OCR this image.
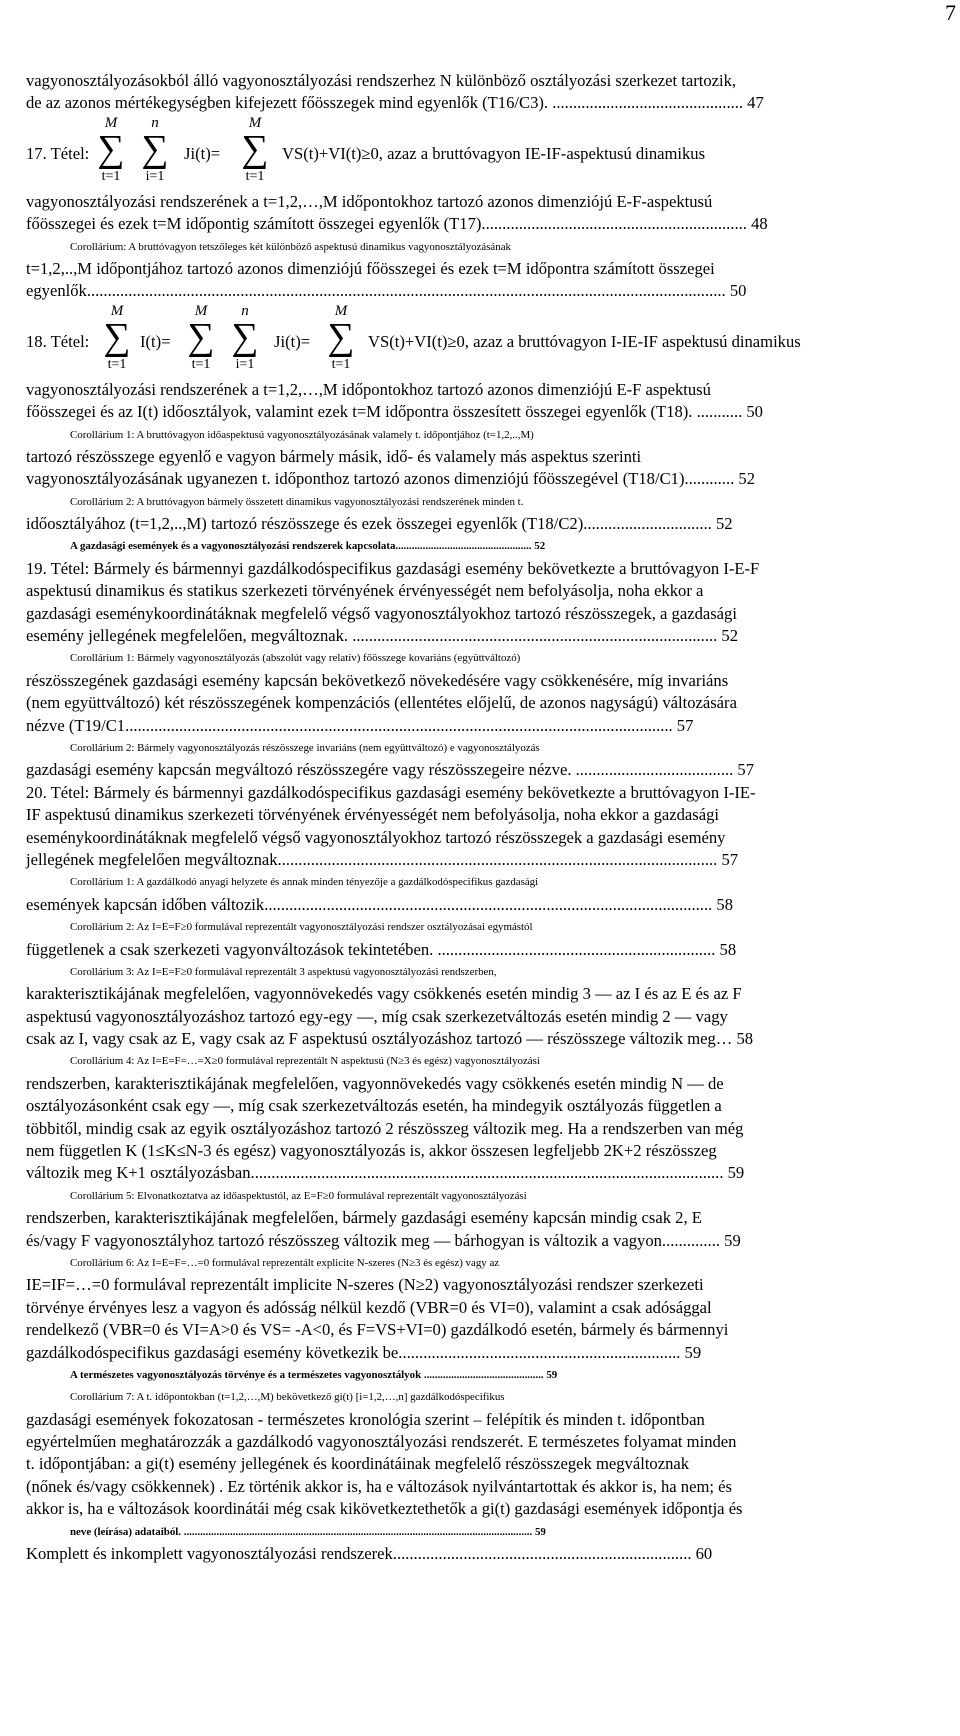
7
vagyonosztályozásokból álló vagyonosztályozási rendszerhez N különböző osztályozási szerkezet tartozik,
de az azonos mértékegységben kifejezett főösszegek mind egyenlők (T16/C3). .............................................. 47
17. Tétel:
M
∑
t=1
n
∑
i=1
Ji(t)=
M
∑
t=1
VS(t)+VI(t)≥0, azaz a bruttóvagyon IE-IF-aspektusú dinamikus
vagyonosztályozási rendszerének a t=1,2,…,M időpontokhoz tartozó azonos dimenziójú E-F-aspektusú
főösszegei és ezek t=M időpontig számított összegei egyenlők (T17)................................................................ 48
Corollárium: A bruttóvagyon tetszőleges két különböző aspektusú dinamikus vagyonosztályozásának
t=1,2,..,M időpontjához tartozó azonos dimenziójú főösszegei és ezek t=M időpontra számított összegei
egyenlők.......................................................................................................................................................... 50
18. Tétel:
M
∑
t=1
I(t)=
M
∑
t=1
n
∑
i=1
Ji(t)=
M
∑
t=1
VS(t)+VI(t)≥0, azaz a bruttóvagyon I-IE-IF aspektusú dinamikus
vagyonosztályozási rendszerének a t=1,2,…,M időpontokhoz tartozó azonos dimenziójú E-F aspektusú
főösszegei és az I(t) időosztályok, valamint ezek t=M időpontra összesített összegei egyenlők (T18). ........... 50
Corollárium 1: A bruttóvagyon időaspektusú vagyonosztályozásának valamely t. időpontjához (t=1,2,..,M)
tartozó részösszege egyenlő e vagyon bármely másik, idő- és valamely más aspektus szerinti
vagyonosztályozásának ugyanezen t. időponthoz tartozó azonos dimenziójú főösszegével (T18/C1)............ 52
Corollárium 2: A bruttóvagyon bármely összetett dinamikus vagyonosztályozási rendszerének minden t.
időosztályához (t=1,2,..,M) tartozó részösszege és ezek összegei egyenlők (T18/C2)............................... 52
A gazdasági események és a vagyonosztályozási rendszerek kapcsolata.................................................. 52
19. Tétel: Bármely és bármennyi gazdálkodóspecifikus gazdasági esemény bekövetkezte a bruttóvagyon I-E-F
aspektusú dinamikus és statikus szerkezeti törvényének érvényességét nem befolyásolja, noha ekkor a
gazdasági eseménykoordinátáknak megfelelő végső vagyonosztályokhoz tartozó részösszegek, a gazdasági
esemény jellegének megfelelően, megváltoznak. ........................................................................................ 52
Corollárium 1: Bármely vagyonosztályozás (abszolút vagy relatív) főösszege kovariáns (együttváltozó)
részösszegének gazdasági esemény kapcsán bekövetkező növekedésére vagy csökkenésére, míg invariáns
(nem együttváltozó) két részösszegének kompenzációs (ellentétes előjelű, de azonos nagyságú) változására
nézve (T19/C1.................................................................................................................................... 57
Corollárium 2: Bármely vagyonosztályozás részösszege invariáns (nem együttváltozó) e vagyonosztályozás
gazdasági esemény kapcsán megváltozó részösszegére vagy részösszegeire nézve. ...................................... 57
20. Tétel: Bármely és bármennyi gazdálkodóspecifikus gazdasági esemény bekövetkezte a bruttóvagyon I-IE-
IF aspektusú dinamikus szerkezeti törvényének érvényességét nem befolyásolja, noha ekkor a gazdasági
eseménykoordinátáknak megfelelő végső vagyonosztályokhoz tartozó részösszegek a gazdasági esemény
jellegének megfelelően megváltoznak.......................................................................................................... 57
Corollárium 1: A gazdálkodó anyagi helyzete és annak minden tényezője a gazdálkodóspecifikus gazdasági
események kapcsán időben változik............................................................................................................ 58
Corollárium 2: Az I=E=F≥0 formulával reprezentált vagyonosztályozási rendszer osztályozásai egymástól
függetlenek a csak szerkezeti vagyonváltozások tekintetében. ................................................................... 58
Corollárium 3: Az I=E=F≥0 formulával reprezentált 3 aspektusú vagyonosztályozási rendszerben,
karakterisztikájának megfelelően, vagyonnövekedés vagy csökkenés esetén mindig 3 — az I és az E és az F
aspektusú vagyonosztályozáshoz tartozó egy-egy —, míg csak szerkezetváltozás esetén mindig 2 — vagy
csak az I, vagy csak az E, vagy csak az F aspektusú osztályozáshoz tartozó — részösszege változik meg… 58
Corollárium 4: Az I=E=F=…=X≥0 formulával reprezentált N aspektusú (N≥3 és egész) vagyonosztályozási
rendszerben, karakterisztikájának megfelelően, vagyonnövekedés vagy csökkenés esetén mindig N — de
osztályozásonként csak egy —, míg csak szerkezetváltozás esetén, ha mindegyik osztályozás független a
többitől, mindig csak az egyik osztályozáshoz tartozó 2 részösszeg változik meg. Ha a rendszerben van még
nem független K (1≤K≤N-3 és egész) vagyonosztályozás is, akkor összesen legfeljebb 2K+2 részösszeg
változik meg K+1 osztályozásban.................................................................................................................. 59
Corollárium 5: Elvonatkoztatva az időaspektustól, az E=F≥0 formulával reprezentált vagyonosztályozási
rendszerben, karakterisztikájának megfelelően, bármely gazdasági esemény kapcsán mindig csak 2, E
és/vagy F vagyonosztályhoz tartozó részösszeg változik meg — bárhogyan is változik a vagyon.............. 59
Corollárium 6: Az I=E=F=…=0 formulával reprezentált explicite N-szeres (N≥3 és egész) vagy az
IE=IF=…=0 formulával reprezentált implicite N-szeres (N≥2) vagyonosztályozási rendszer szerkezeti
törvénye érvényes lesz a vagyon és adósság nélkül kezdő (VBR=0 és VI=0), valamint a csak adósággal
rendelkező (VBR=0 és VI=A>0 és VS= -A<0, és F=VS+VI=0) gazdálkodó esetén, bármely és bármennyi
gazdálkodóspecifikus gazdasági esemény következik be.................................................................... 59
A természetes vagyonosztályozás törvénye és a természetes vagyonosztályok ............................................ 59
Corollárium 7: A t. időpontokban (t=1,2,…,M) bekövetkező gi(t) [i=1,2,…,n] gazdálkodóspecifikus
gazdasági események fokozatosan - természetes kronológia szerint – felépítik és minden t. időpontban
egyértelműen meghatározzák a gazdálkodó vagyonosztályozási rendszerét. E természetes folyamat minden
t. időpontjában: a gi(t) esemény jellegének és koordinátáinak megfelelő részösszegek megváltoznak
(nőnek és/vagy csökkennek) . Ez történik akkor is, ha e változások nyilvántartottak és akkor is, ha nem; és
akkor is, ha e változások koordinátái még csak kikövetkeztethetők a gi(t) gazdasági események időpontja és
neve (leírása) adataiból. ................................................................................................................................ 59
Komplett és inkomplett vagyonosztályozási rendszerek........................................................................ 60
